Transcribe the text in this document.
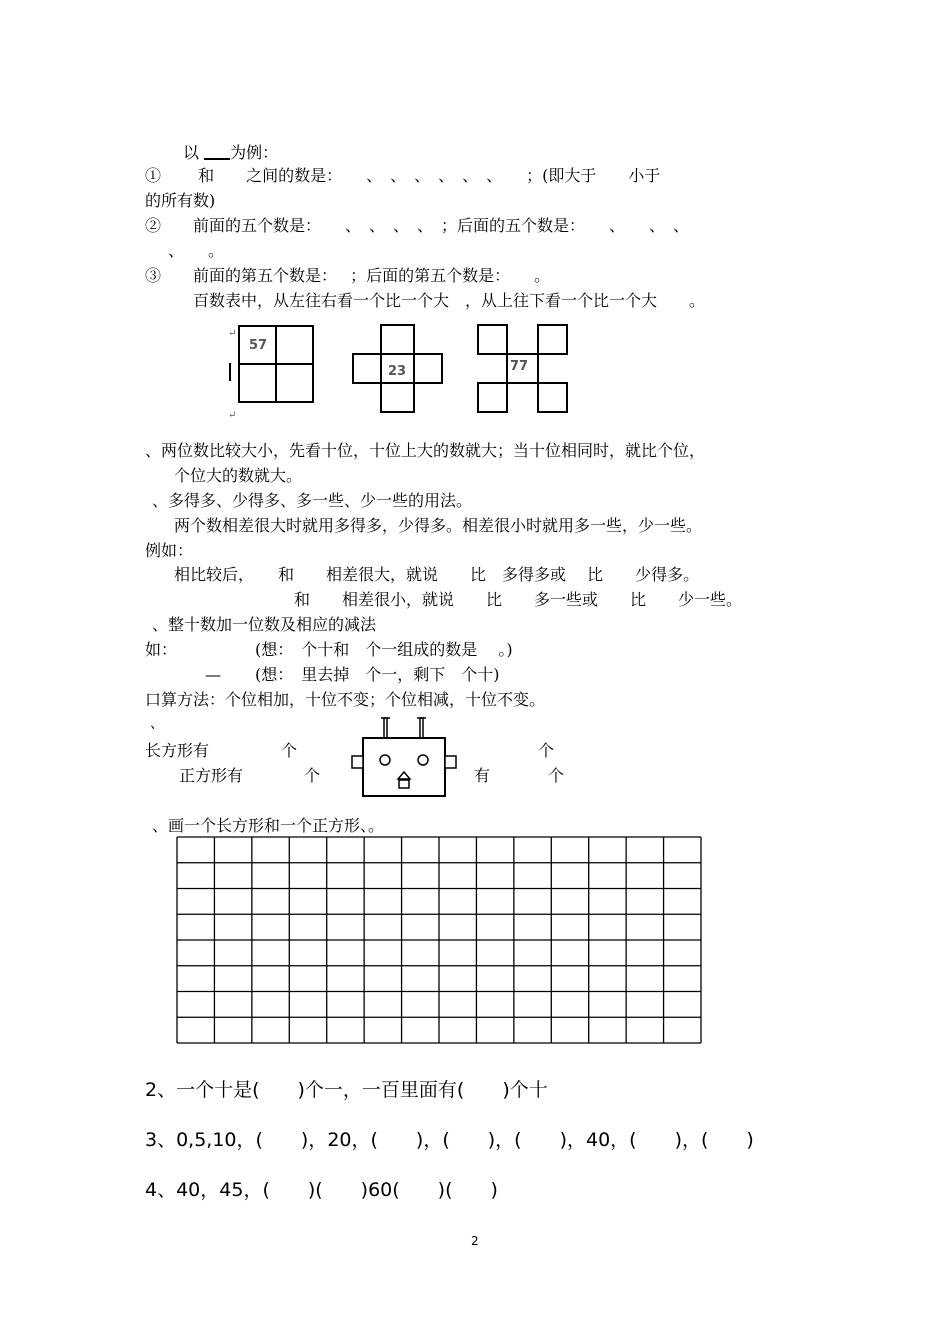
以 为例：
①　　 和　　之间的数是：　　、　、　、　、　、　、　　；(即大于　　小于
的所有数)
②　　前面的五个数是：　　、　、　、　、　；后面的五个数是：　　、　　、　、
、　　。
③　　前面的第五个数是：　 ；后面的第五个数是：　　。
百数表中，从左往右看一个比一个大　，从上往下看一个比一个大　　。
↵
57
↵
23	77
、两位数比较大小，先看十位，十位上大的数就大；当十位相同时，就比个位，
个位大的数就大。
、多得多、少得多、多一些、少一些的用法。
两个数相差很大时就用多得多，少得多。相差很小时就用多一些，少一些。
例如：
相比较后，　　和　　相差很大，就说　　比　多得多或　 比　　少得多。
和　　相差很小，就说　　比　　多一些或　　比　　少一些。
、整十数加一位数及相应的减法
如：	(想：　个十和　个一组成的数是　 。)
— (想：　里去掉　个一，剩下　个十)
口算方法：个位相加，十位不变；个位相减，十位不变。
、
长方形有	个	个
正方形有	个	有	个
、画一个长方形和一个正方形、。
2、一个十是(　　)个一，一百里面有(　　)个十
3、0,5,10，(　　)，20，(　　)，(　　)，(　　)，40，(　　)，(　　)
4、40，45，(　　)(　　)60(　　)(　　)
2
